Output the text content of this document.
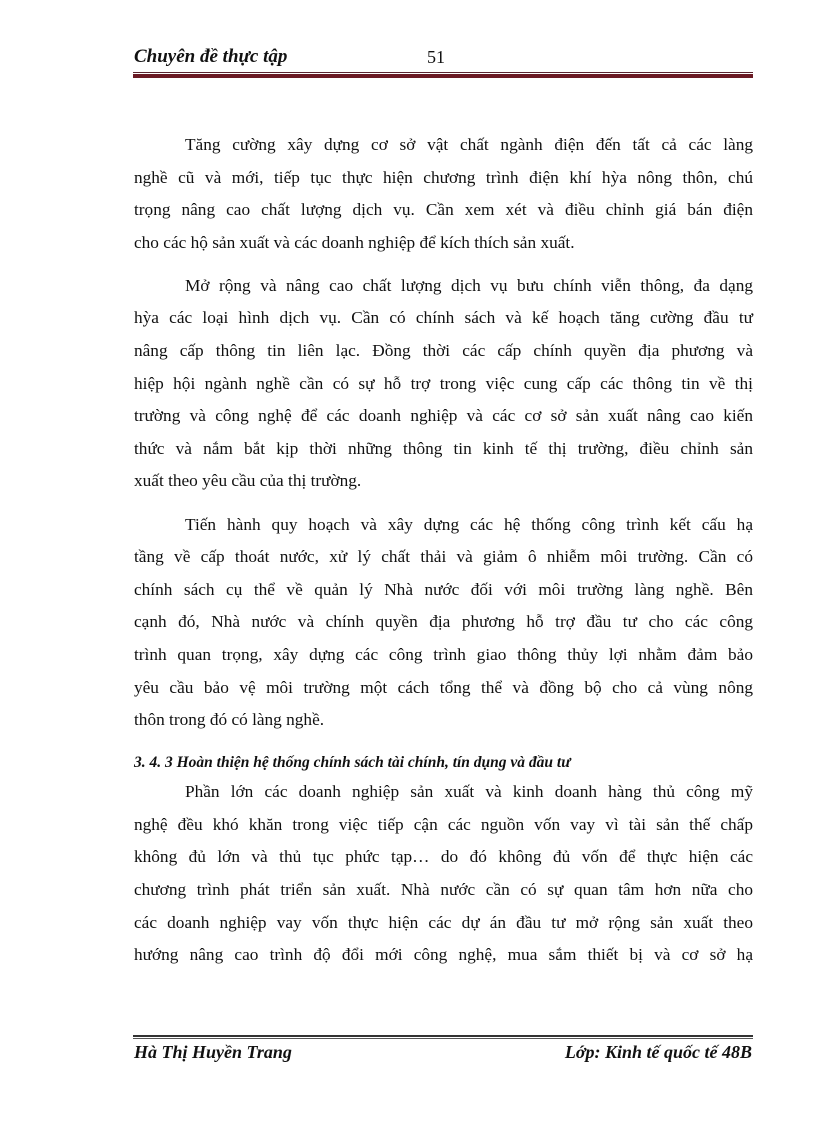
Chuyên đề thực tập	51
Tăng cường xây dựng cơ sở vật chất ngành điện đến tất cả các làng
nghề cũ và mới, tiếp tục thực hiện chương trình điện khí hỳa nông thôn, chú
trọng nâng cao chất lượng dịch vụ. Cần xem xét và điều chỉnh giá bán điện
cho các hộ sản xuất và các doanh nghiệp để kích thích sản xuất.
Mở rộng và nâng cao chất lượng dịch vụ bưu chính viễn thông, đa dạng
hỳa các loại hình dịch vụ. Cần có chính sách và kế hoạch tăng cường đầu tư
nâng cấp thông tin liên lạc. Đồng thời các cấp chính quyền địa phương và
hiệp hội ngành nghề cần có sự hỗ trợ trong việc cung cấp các thông tin về thị
trường và công nghệ để các doanh nghiệp và các cơ sở sản xuất nâng cao kiến
thức và nắm bắt kịp thời những thông tin kinh tế thị trường, điều chỉnh sản
xuất theo yêu cầu của thị trường.
Tiến hành quy hoạch và xây dựng các hệ thống công trình kết cấu hạ
tầng về cấp thoát nước, xử lý chất thải và giảm ô nhiễm môi trường. Cần có
chính sách cụ thể về quản lý Nhà nước đối với môi trường làng nghề. Bên
cạnh đó, Nhà nước và chính quyền địa phương hỗ trợ đầu tư cho các công
trình quan trọng, xây dựng các công trình giao thông thủy lợi nhằm đảm bảo
yêu cầu bảo vệ môi trường một cách tổng thể và đồng bộ cho cả vùng nông
thôn trong đó có làng nghề.
3. 4. 3 Hoàn thiện hệ thống chính sách tài chính, tín dụng và đầu tư
Phần lớn các doanh nghiệp sản xuất và kinh doanh hàng thủ công mỹ
nghệ đều khó khăn trong việc tiếp cận các nguồn vốn vay vì tài sản thế chấp
không đủ lớn và thủ tục phức tạp… do đó không đủ vốn để thực hiện các
chương trình phát triển sản xuất. Nhà nước cần có sự quan tâm hơn nữa cho
các doanh nghiệp vay vốn thực hiện các dự án đầu tư mở rộng sản xuất theo
hướng nâng cao trình độ đổi mới công nghệ, mua sắm thiết bị và cơ sở hạ
Hà Thị Huyền Trang	Lớp: Kinh tế quốc tế 48B
